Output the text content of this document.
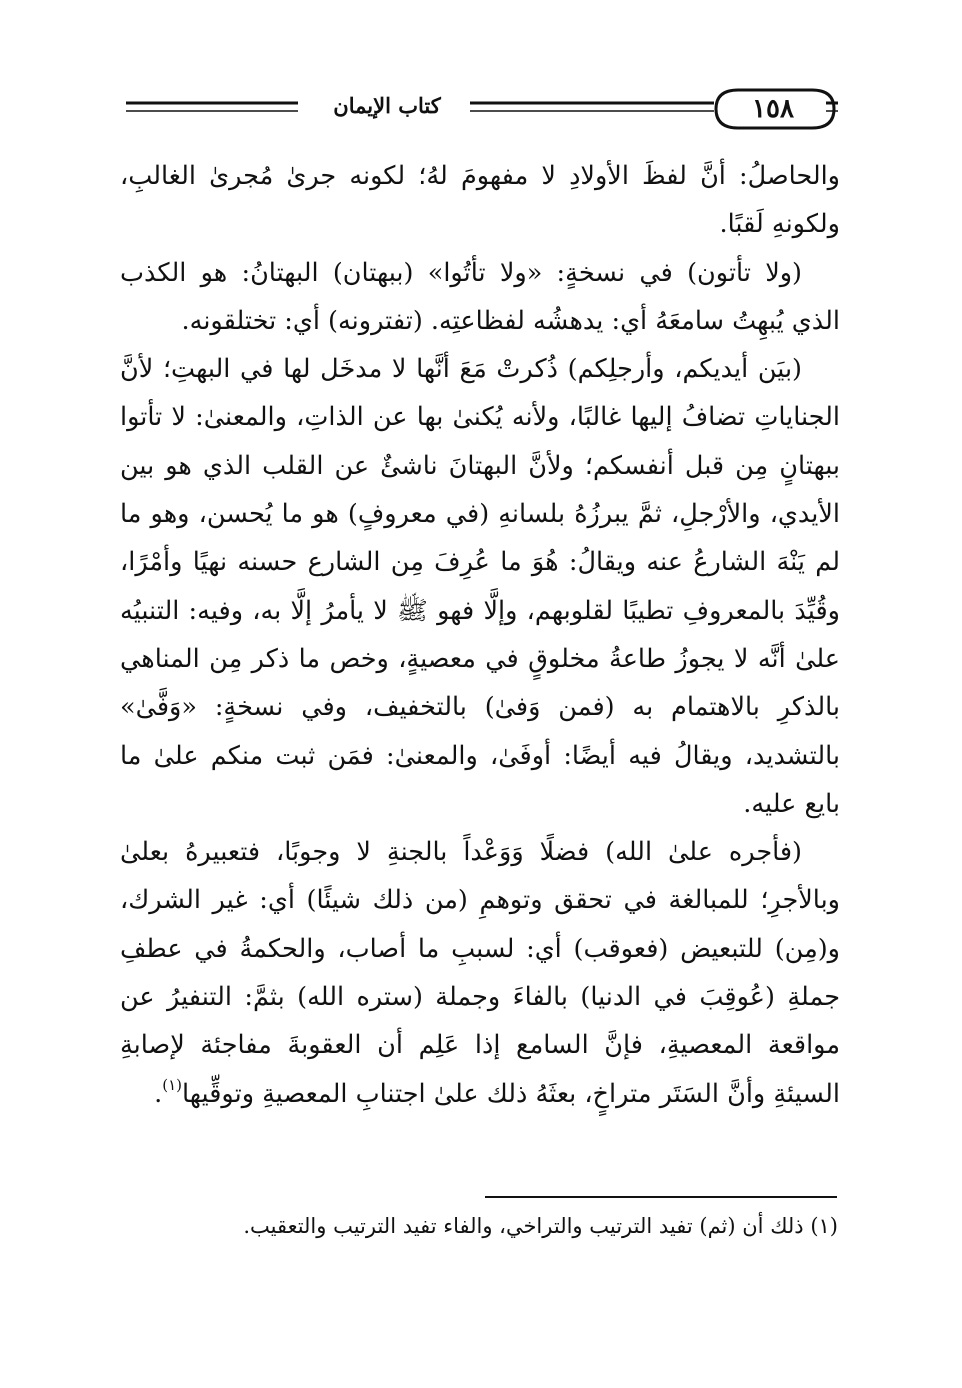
١٥٨
كتاب الإيمان

والحاصلُ: أنَّ لفظَ الأولادِ لا مفهومَ لهُ؛ لكونه جرىٰ مُجرىٰ الغالبِ، ولكونهِ لَقبًا.

(ولا تأتون) في نسخةٍ: «ولا تأتُوا» (ببهتان) البهتانُ: هو الكذب الذي يُبهِتُ سامعَهُ أي: يدهشُه لفظاعتِه. (تفترونه) أي: تختلقونه.

(بيَن أيديكم، وأرجلِكم) ذُكرتْ مَعَ أنَّها لا مدخَل لها في البهتِ؛ لأنَّ الجناياتِ تضافُ إليها غالبًا، ولأنه يُكنىٰ بها عن الذاتِ، والمعنىٰ: لا تأتوا ببهتانٍ مِن قبل أنفسكم؛ ولأنَّ البهتانَ ناشئٌ عن القلب الذي هو بين الأيدي، والأرْجلِ، ثمَّ يبرزُهُ بلسانهِ (في معروفٍ) هو ما يُحسن، وهو ما لم يَنْهَ الشارعُ عنه ويقالُ: هُوَ ما عُرِفَ مِن الشارع حسنه نهيًا وأمْرًا، وقُيِّدَ بالمعروفِ تطيبًا لقلوبهم، وإلَّا فهو ﷺ لا يأمرُ إلَّا به، وفيه: التنبيُه علىٰ أنَّه لا يجوزُ طاعةُ مخلوقٍ في معصيةٍ، وخص ما ذكر مِن المناهي بالذكرِ بالاهتمام به (فمن وَفىٰ) بالتخفيف، وفي نسخةٍ: «وَفَّىٰ» بالتشديد، ويقالُ فيه أيضًا: أوفَىٰ، والمعنىٰ: فمَن ثبت منكم علىٰ ما بايع عليه.

(فأجره علىٰ الله) فضلًا وَوَعْداً بالجنةِ لا وجوبًا، فتعبيرهُ بعلىٰ وبالأجرِ؛ للمبالغة في تحقق وتوهمِ (من ذلك شيئًا) أي: غير الشرك، و(مِن) للتبعيض (فعوقب) أي: لسببِ ما أصاب، والحكمةُ في عطفِ جملةِ (عُوقِبَ في الدنيا) بالفاءَ وجملة (ستره الله) بثمَّ: التنفيرُ عن مواقعة المعصيةِ، فإنَّ السامع إذا عَلِم أن العقوبةَ مفاجئة لإصابةِ السيئةِ وأنَّ السَتَر متراخٍ، بعثَهُ ذلك علىٰ اجتنابِ المعصيةِ وتوقِّيها$^{(١)}$.

(١) ذلك أن (ثم) تفيد الترتيب والتراخي، والفاء تفيد الترتيب والتعقيب.
